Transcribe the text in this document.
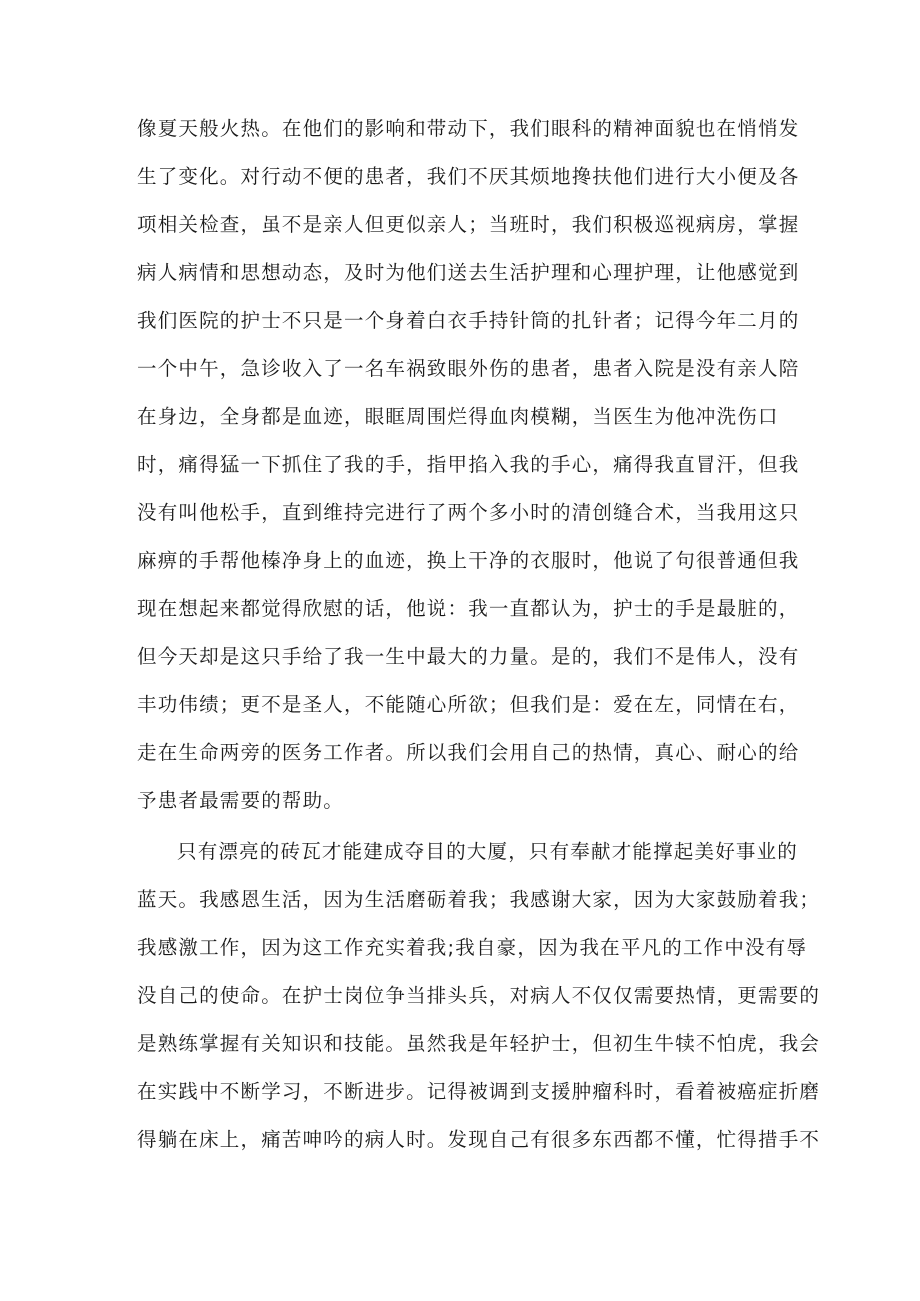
像夏天般火热。在他们的影响和带动下，我们眼科的精神面貌也在悄悄发
生了变化。对行动不便的患者，我们不厌其烦地搀扶他们进行大小便及各
项相关检查，虽不是亲人但更似亲人；当班时，我们积极巡视病房，掌握
病人病情和思想动态，及时为他们送去生活护理和心理护理，让他感觉到
我们医院的护士不只是一个身着白衣手持针筒的扎针者；记得今年二月的
一个中午，急诊收入了一名车祸致眼外伤的患者，患者入院是没有亲人陪
在身边，全身都是血迹，眼眶周围烂得血肉模糊，当医生为他冲洗伤口
时，痛得猛一下抓住了我的手，指甲掐入我的手心，痛得我直冒汗，但我
没有叫他松手，直到维持完进行了两个多小时的清创缝合术，当我用这只
麻痹的手帮他榛净身上的血迹，换上干净的衣服时，他说了句很普通但我
现在想起来都觉得欣慰的话，他说：我一直都认为，护士的手是最脏的，
但今天却是这只手给了我一生中最大的力量。是的，我们不是伟人，没有
丰功伟绩；更不是圣人，不能随心所欲；但我们是：爱在左，同情在右，
走在生命两旁的医务工作者。所以我们会用自己的热情，真心、耐心的给
予患者最需要的帮助。
只有漂亮的砖瓦才能建成夺目的大厦，只有奉献才能撑起美好事业的
蓝天。我感恩生活，因为生活磨砺着我；我感谢大家，因为大家鼓励着我；
我感激工作，因为这工作充实着我;我自豪，因为我在平凡的工作中没有辱
没自己的使命。在护士岗位争当排头兵，对病人不仅仅需要热情，更需要的
是熟练掌握有关知识和技能。虽然我是年轻护士，但初生牛犊不怕虎，我会
在实践中不断学习，不断进步。记得被调到支援肿瘤科时，看着被癌症折磨
得躺在床上，痛苦呻吟的病人时。发现自己有很多东西都不懂，忙得措手不
